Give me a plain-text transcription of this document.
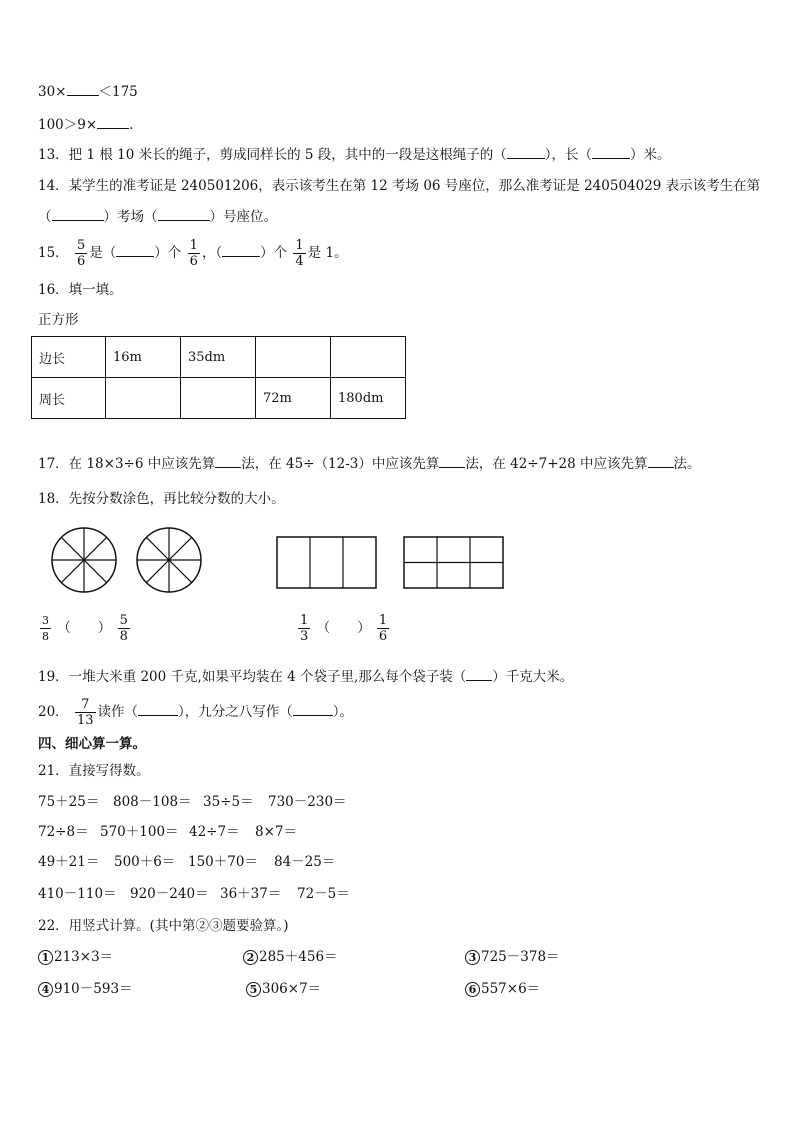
30× ＜175
100＞9× .
13．把 1 根 10 米长的绳子，剪成同样长的 5 段，其中的一段是这根绳子的（	），长（	）米。
14．某学生的准考证是 240501206，表示该考生在第 12 考场 06 号座位，那么准考证是 240504029 表示该考生在第
（	）考场（	）号座位。
15． $\frac{5}{6}$ 是（	）个 $\frac{1}{6}$ ，（	）个 $\frac{1}{4}$ 是 1。
16．填一填。
正方形
边长	16m	35dm		
周长			72m	180dm
17．在 18×3÷6 中应该先算 法，在 45÷（12-3）中应该先算 法，在 42÷7+28 中应该先算 法。
18．先按分数涂色，再比较分数的大小。
$\frac{3}{8}$ （　　） $\frac{5}{8}$	$\frac{1}{3}$ （　　） $\frac{1}{6}$
19．一堆大米重 200 千克,如果平均装在 4 个袋子里,那么每个袋子装（ ）千克大米。
20． $\frac{7}{13}$ 读作（	），九分之八写作（	）。
四、细心算一算。
21．直接写得数。
75＋25＝ 808－108＝ 35÷5＝ 730－230＝
72÷8＝ 570＋100＝ 42÷7＝ 8×7＝
49＋21＝ 500＋6＝ 150＋70＝ 84－25＝
410－110＝ 920－240＝ 36＋37＝ 72－5＝
22．用竖式计算。(其中第②③题要验算。)
1 213×3＝	2 285＋456＝	3 725－378＝
4 910－593＝	5 306×7＝	6 557×6＝
